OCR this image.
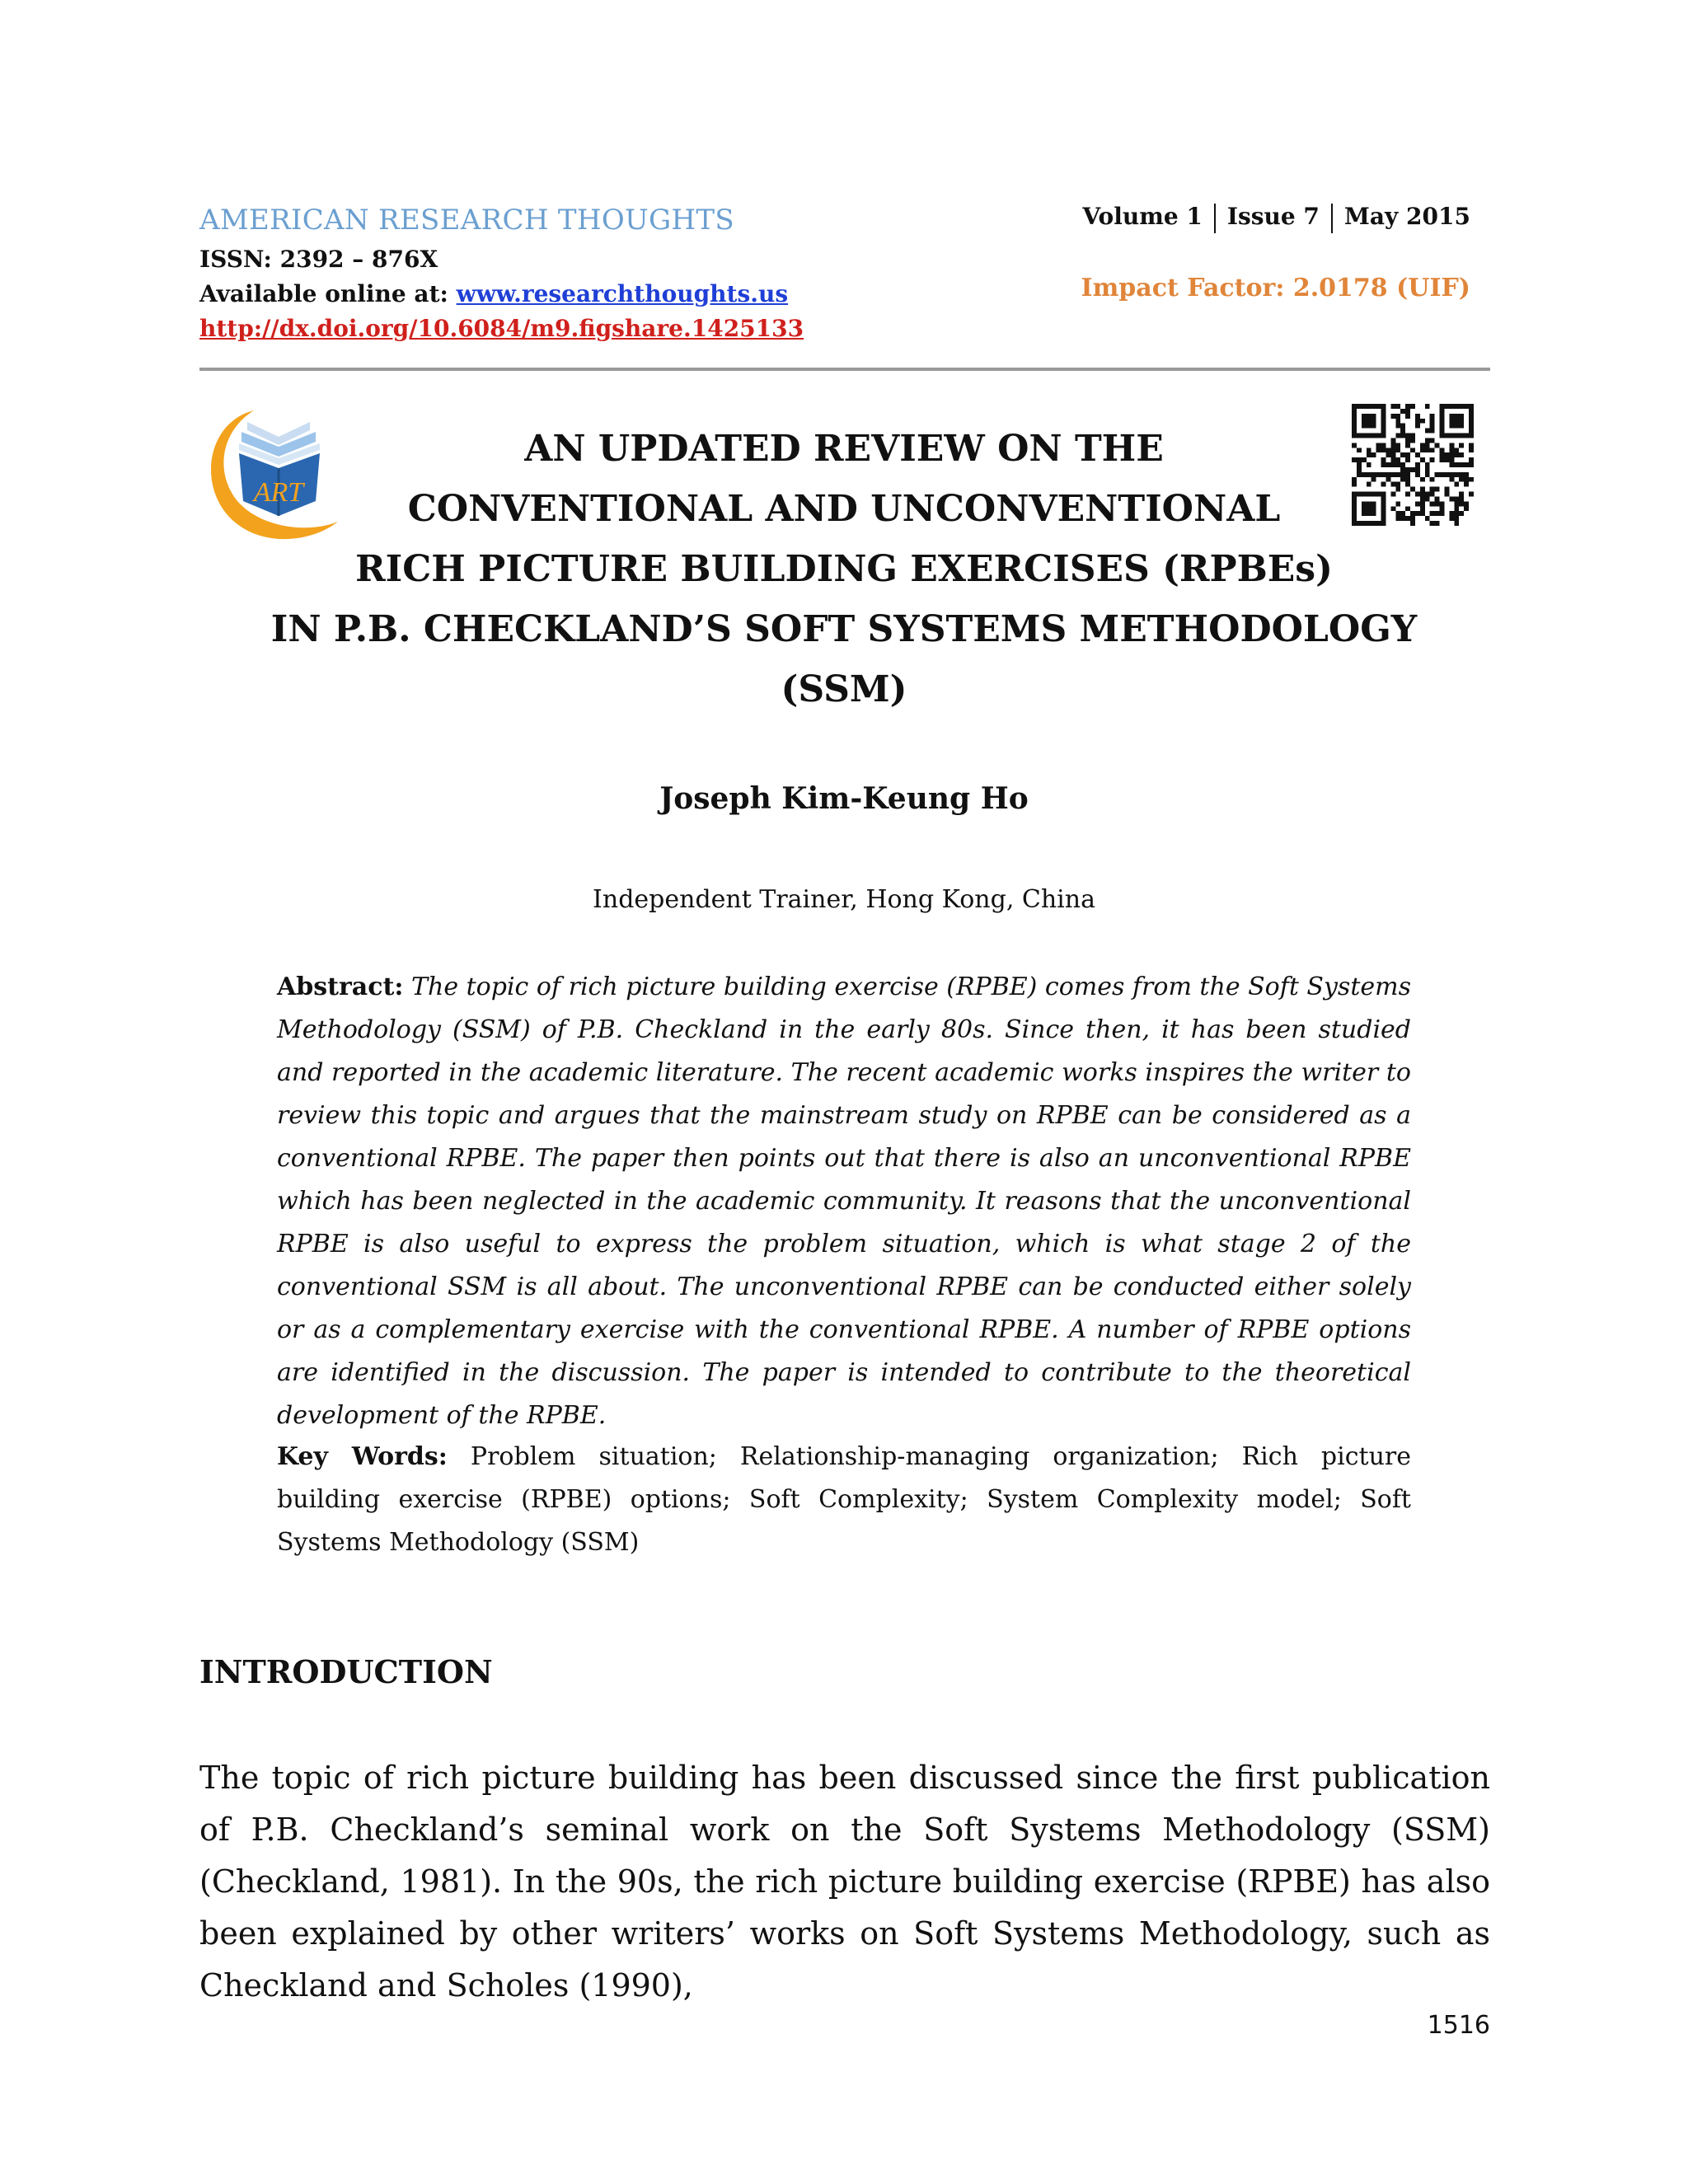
AMERICAN RESEARCH THOUGHTS
ISSN: 2392 – 876X
Available online at: www.researchthoughts.us
http://dx.doi.org/10.6084/m9.figshare.1425133
Volume 1 Issue 7 May 2015
Impact Factor: 2.0178 (UIF)
ART
AN UPDATED REVIEW ON THE
CONVENTIONAL AND UNCONVENTIONAL
RICH PICTURE BUILDING EXERCISES (RPBEs)
IN P.B. CHECKLAND’S SOFT SYSTEMS METHODOLOGY
(SSM)
Joseph Kim-Keung Ho
Independent Trainer, Hong Kong, China

Abstract: The topic of rich picture building exercise (RPBE) comes from the Soft Systems Methodology (SSM) of P.B. Checkland in the early 80s. Since then, it has been studied and reported in the academic literature. The recent academic works inspires the writer to review this topic and argues that the mainstream study on RPBE can be considered as a conventional RPBE. The paper then points out that there is also an unconventional RPBE which has been neglected in the academic community. It reasons that the unconventional RPBE is also useful to express the problem situation, which is what stage 2 of the conventional SSM is all about. The unconventional RPBE can be conducted either solely or as a complementary exercise with the conventional RPBE. A number of RPBE options are identified in the discussion. The paper is intended to contribute to the theoretical development of the RPBE.

Key Words: Problem situation; Relationship-managing organization; Rich picture building exercise (RPBE) options; Soft Complexity; System Complexity model; Soft Systems Methodology (SSM)

INTRODUCTION

The topic of rich picture building has been discussed since the first publication of P.B. Checkland’s seminal work on the Soft Systems Methodology (SSM) (Checkland, 1981). In the 90s, the rich picture building exercise (RPBE) has also been explained by other writers’ works on Soft Systems Methodology, such as Checkland and Scholes (1990),

1516
